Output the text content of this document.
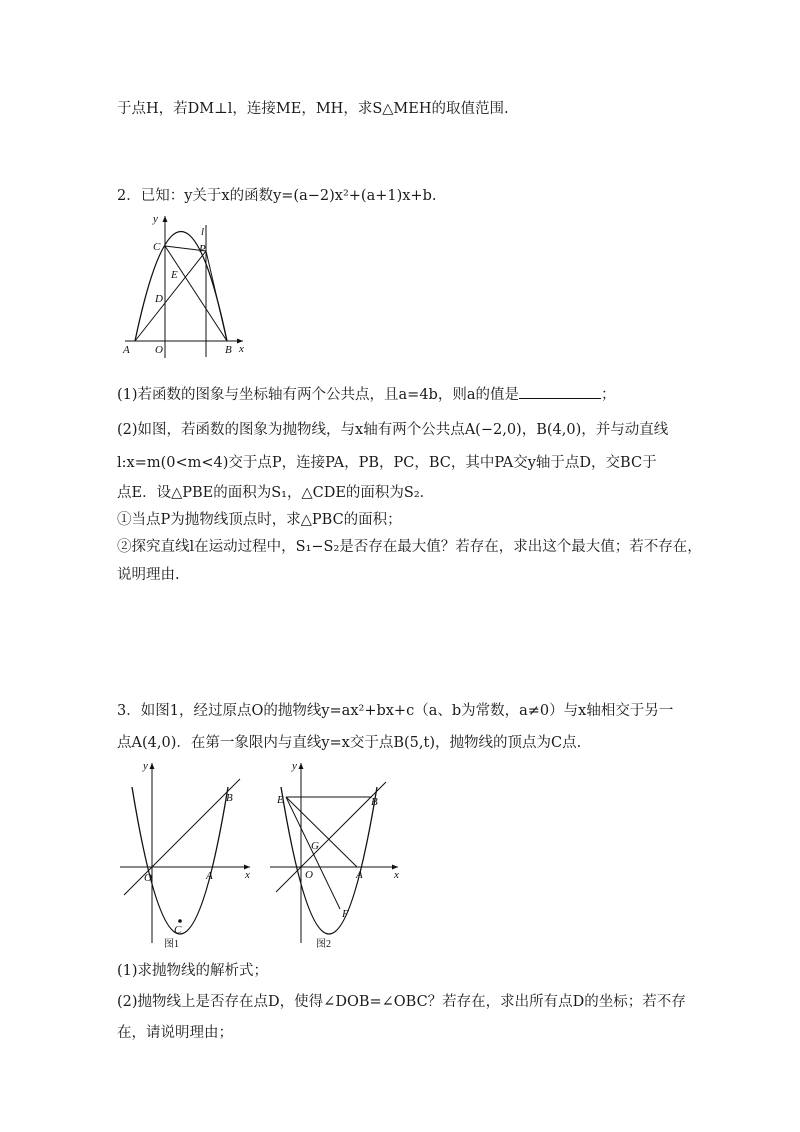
于点H，若DM⊥l，连接ME，MH，求S△MEH的取值范围.
2．已知：y关于x的函数y=(a−2)x²+(a+1)x+b.
y
x
l
C	P
E
D
A O	B
(1)若函数的图象与坐标轴有两个公共点，且a=4b，则a的值是	；
(2)如图，若函数的图象为抛物线，与x轴有两个公共点A(−2,0)，B(4,0)，并与动直线
l:x=m(0<m<4)交于点P，连接PA，PB，PC，BC，其中PA交y轴于点D，交BC于
点E．设△PBE的面积为S₁，△CDE的面积为S₂．
①当点P为抛物线顶点时，求△PBC的面积；
②探究直线l在运动过程中，S₁−S₂是否存在最大值？若存在，求出这个最大值；若不存在，
说明理由.
3．如图1，经过原点O的抛物线y=ax²+bx+c（a、b为常数，a≠0）与x轴相交于另一
点A(4,0)．在第一象限内与直线y=x交于点B(5,t)，抛物线的顶点为C点.
y
x
O	A
B
C
图1
y
x
O	A
B
E
G
F
图2
(1)求抛物线的解析式；
(2)抛物线上是否存在点D，使得∠DOB=∠OBC？若存在，求出所有点D的坐标；若不存
在，请说明理由；
